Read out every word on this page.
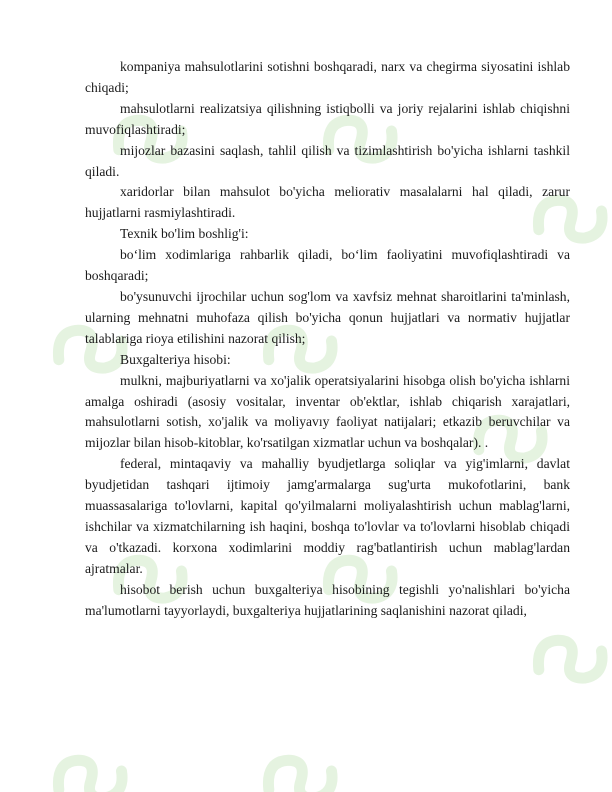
kompaniya mahsulotlarini sotishni boshqaradi, narx va chegirma siyosatini ishlab chiqadi;

mahsulotlarni realizatsiya qilishning istiqbolli va joriy rejalarini ishlab chiqishni muvofiqlashtiradi;

mijozlar bazasini saqlash, tahlil qilish va tizimlashtirish bo'yicha ishlarni tashkil qiladi.

xaridorlar bilan mahsulot bo'yicha meliorativ masalalarni hal qiladi, zarur hujjatlarni rasmiylashtiradi.

Texnik bo'lim boshlig'i:

bo‘lim xodimlariga rahbarlik qiladi, bo‘lim faoliyatini muvofiqlashtiradi va boshqaradi;

bo'ysunuvchi ijrochilar uchun sog'lom va xavfsiz mehnat sharoitlarini ta'minlash, ularning mehnatni muhofaza qilish bo'yicha qonun hujjatlari va normativ hujjatlar talablariga rioya etilishini nazorat qilish;

Buxgalteriya hisobi:

mulkni, majburiyatlarni va xo'jalik operatsiyalarini hisobga olish bo'yicha ishlarni amalga oshiradi (asosiy vositalar, inventar ob'ektlar, ishlab chiqarish xarajatlari, mahsulotlarni sotish, xo'jalik va moliyavıy faoliyat natijalari; etkazib beruvchilar va mijozlar bilan hisob-kitoblar, ko'rsatilgan xizmatlar uchun va boshqalar). .

federal, mintaqaviy va mahalliy byudjetlarga soliqlar va yig'imlarni, davlat byudjetidan tashqari ijtimoiy jamg'armalarga sug'urta mukofotlarini, bank muassasalariga to'lovlarni, kapital qo'yilmalarni moliyalashtirish uchun mablag'larni, ishchilar va xizmatchilarning ish haqini, boshqa to'lovlar va to'lovlarni hisoblab chiqadi va o'tkazadi. korxona xodimlarini moddiy rag'batlantirish uchun mablag'lardan ajratmalar.

hisobot berish uchun buxgalteriya hisobining tegishli yo'nalishlari bo'yicha ma'lumotlarni tayyorlaydi, buxgalteriya hujjatlarining saqlanishini nazorat qiladi,
